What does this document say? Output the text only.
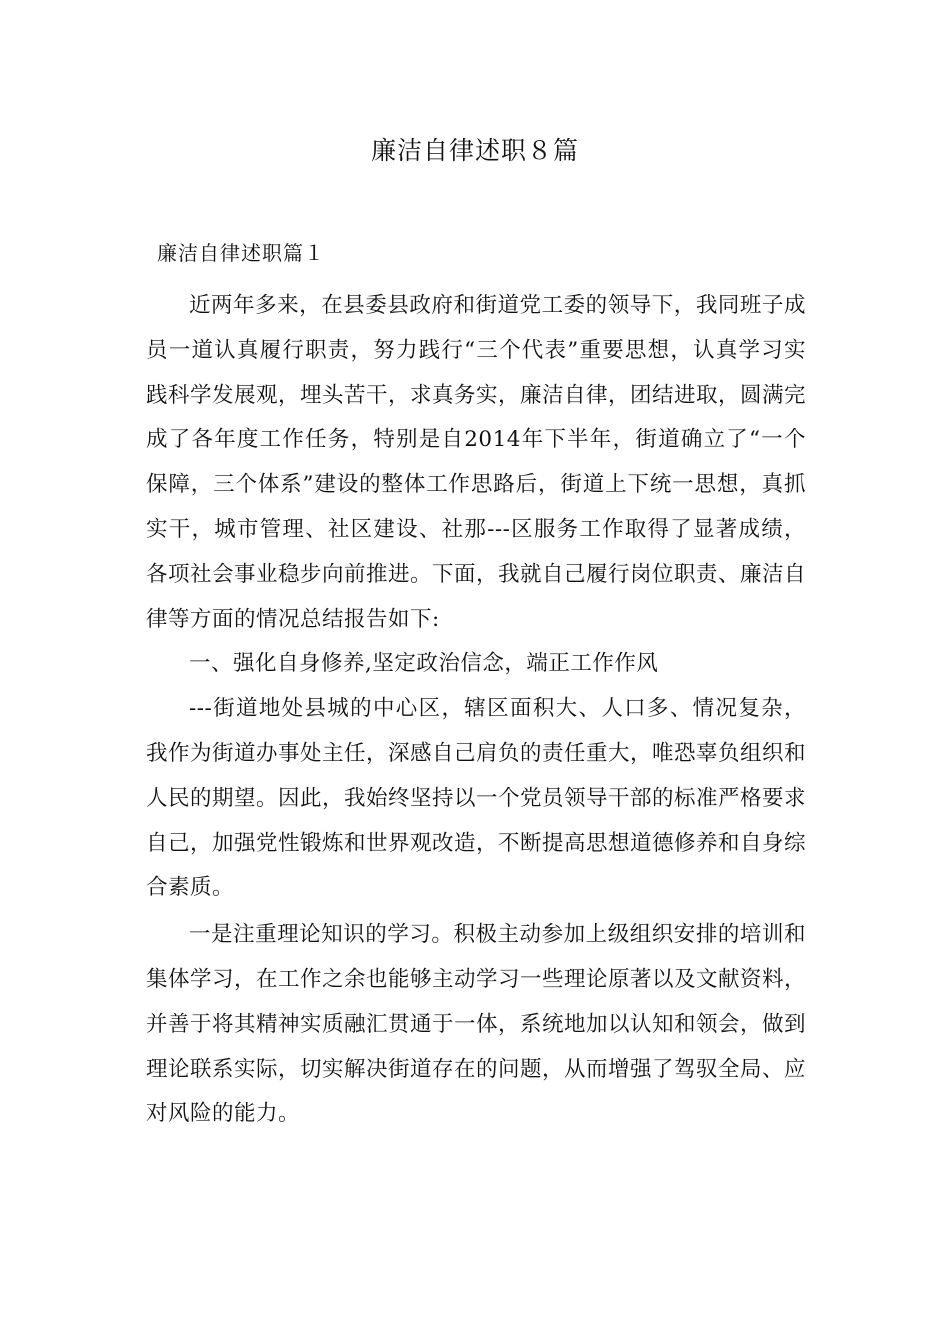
廉洁自律述职８篇
廉洁自律述职篇１

近两年多来，在县委县政府和街道党工委的领导下，我同班子成员一道认真履行职责，努力践行“三个代表”重要思想，认真学习实践科学发展观，埋头苦干，求真务实，廉洁自律，团结进取，圆满完成了各年度工作任务，特别是自2014年下半年，街道确立了“一个保障，三个体系”建设的整体工作思路后，街道上下统一思想，真抓实干，城市管理、社区建设、社那---区服务工作取得了显著成绩，各项社会事业稳步向前推进。下面，我就自己履行岗位职责、廉洁自律等方面的情况总结报告如下:

一、强化自身修养,坚定政治信念，端正工作作风

---街道地处县城的中心区，辖区面积大、人口多、情况复杂，我作为街道办事处主任，深感自己肩负的责任重大，唯恐辜负组织和人民的期望。因此，我始终坚持以一个党员领导干部的标准严格要求自己，加强党性锻炼和世界观改造，不断提高思想道德修养和自身综合素质。

一是注重理论知识的学习。积极主动参加上级组织安排的培训和集体学习，在工作之余也能够主动学习一些理论原著以及文献资料，并善于将其精神实质融汇贯通于一体，系统地加以认知和领会，做到理论联系实际，切实解决街道存在的问题，从而增强了驾驭全局、应对风险的能力。
